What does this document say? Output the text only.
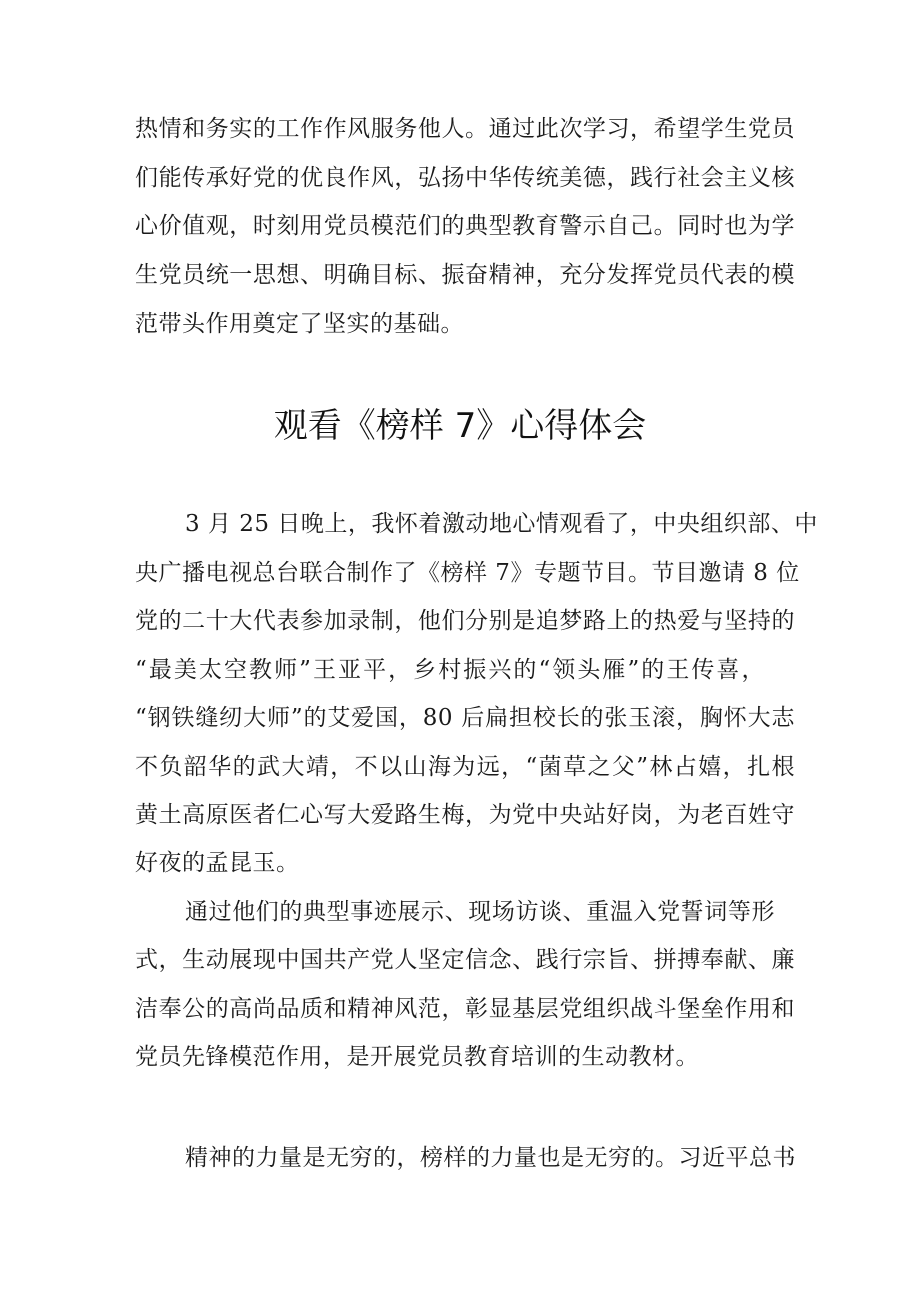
热情和务实的工作作风服务他人。通过此次学习，希望学生党员
们能传承好党的优良作风，弘扬中华传统美德，践行社会主义核
心价值观，时刻用党员模范们的典型教育警示自己。同时也为学
生党员统一思想、明确目标、振奋精神，充分发挥党员代表的模
范带头作用奠定了坚实的基础。
观看《榜样 7》心得体会
3 月 25 日晚上，我怀着激动地心情观看了，中央组织部、中
央广播电视总台联合制作了《榜样 7》专题节目。节目邀请 8 位
党的二十大代表参加录制，他们分别是追梦路上的热爱与坚持的
“最美太空教师”王亚平，乡村振兴的“领头雁”的王传喜，
“钢铁缝纫大师”的艾爱国，80 后扁担校长的张玉滚，胸怀大志
不负韶华的武大靖，不以山海为远，“菌草之父”林占嬉，扎根
黄土高原医者仁心写大爱路生梅，为党中央站好岗，为老百姓守
好夜的孟昆玉。
通过他们的典型事迹展示、现场访谈、重温入党誓词等形
式，生动展现中国共产党人坚定信念、践行宗旨、拼搏奉献、廉
洁奉公的高尚品质和精神风范，彰显基层党组织战斗堡垒作用和
党员先锋模范作用，是开展党员教育培训的生动教材。
精神的力量是无穷的，榜样的力量也是无穷的。习近平总书
